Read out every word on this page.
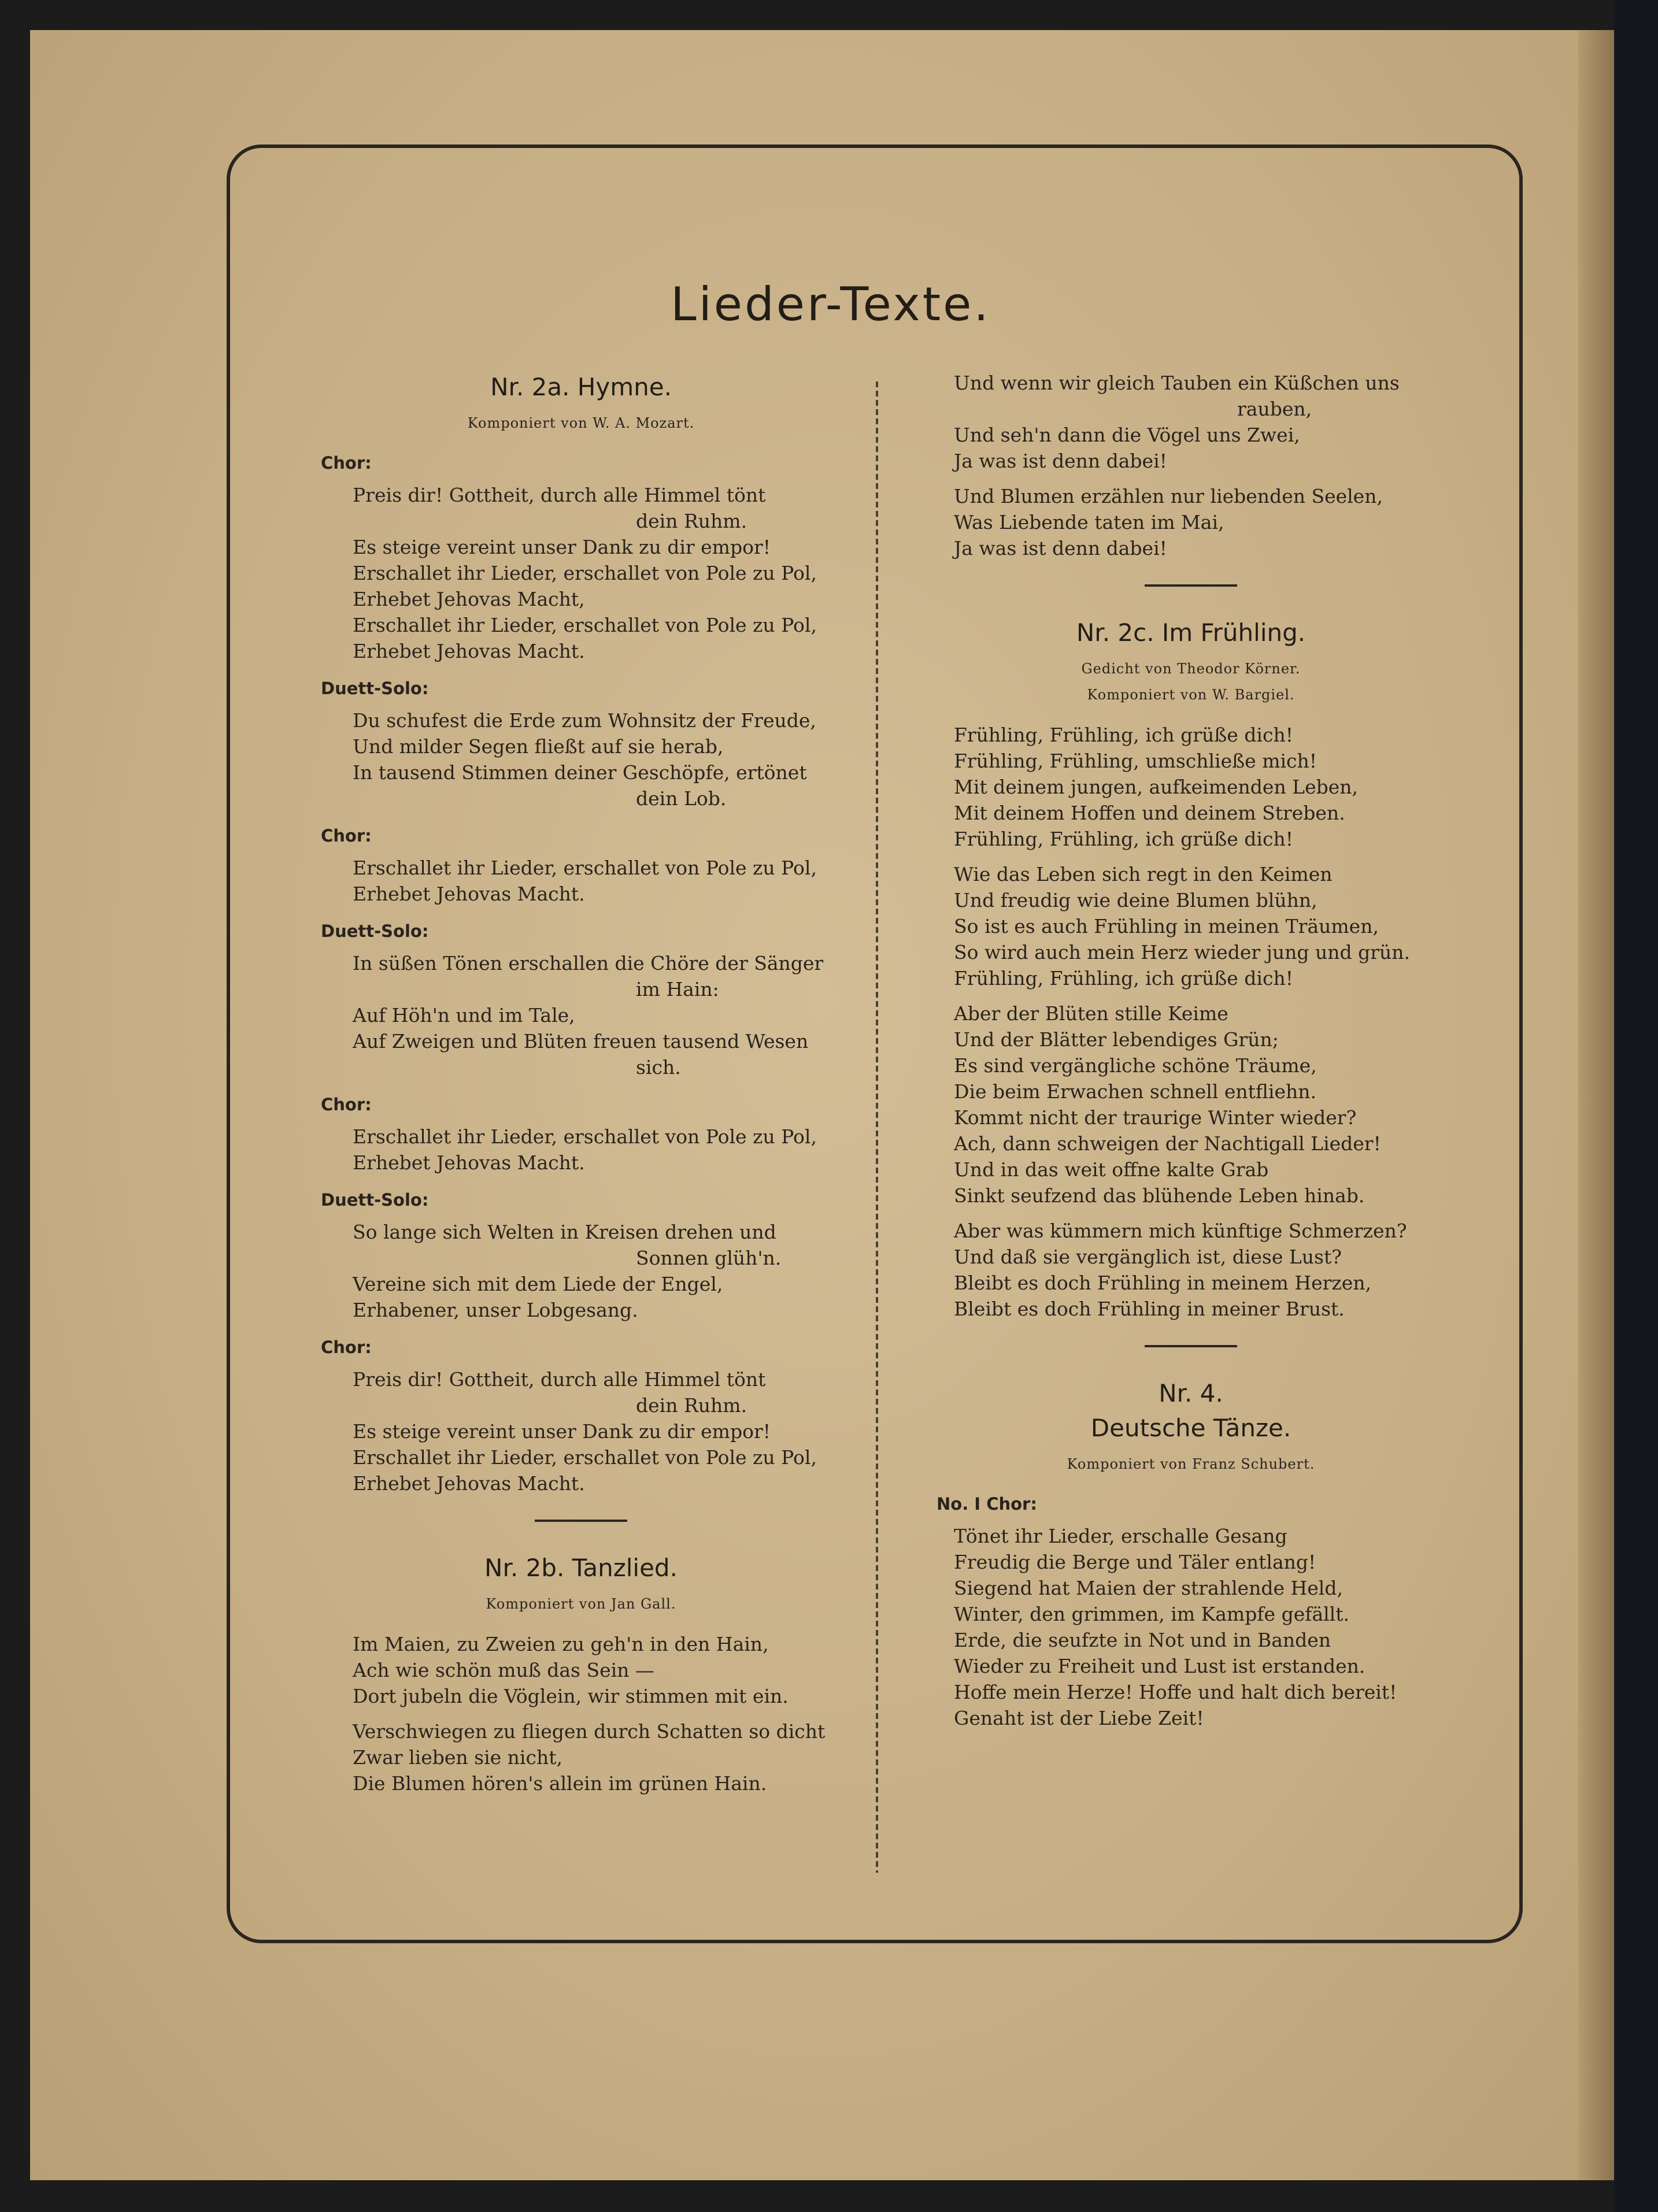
Lieder-Texte.
Nr. 2a. Hymne.
Komponiert von W. A. Mozart.
Chor:
Preis dir! Gottheit, durch alle Himmel tönt
dein Ruhm.
Es steige vereint unser Dank zu dir empor!
Erschallet ihr Lieder, erschallet von Pole zu Pol,
Erhebet Jehovas Macht,
Erschallet ihr Lieder, erschallet von Pole zu Pol,
Erhebet Jehovas Macht.
Duett-Solo:
Du schufest die Erde zum Wohnsitz der Freude,
Und milder Segen fließt auf sie herab,
In tausend Stimmen deiner Geschöpfe, ertönet
dein Lob.
Chor:
Erschallet ihr Lieder, erschallet von Pole zu Pol,
Erhebet Jehovas Macht.
Duett-Solo:
In süßen Tönen erschallen die Chöre der Sänger
im Hain:
Auf Höh'n und im Tale,
Auf Zweigen und Blüten freuen tausend Wesen
sich.
Chor:
Erschallet ihr Lieder, erschallet von Pole zu Pol,
Erhebet Jehovas Macht.
Duett-Solo:
So lange sich Welten in Kreisen drehen und
Sonnen glüh'n.
Vereine sich mit dem Liede der Engel,
Erhabener, unser Lobgesang.
Chor:
Preis dir! Gottheit, durch alle Himmel tönt
dein Ruhm.
Es steige vereint unser Dank zu dir empor!
Erschallet ihr Lieder, erschallet von Pole zu Pol,
Erhebet Jehovas Macht.
Nr. 2b. Tanzlied.
Komponiert von Jan Gall.
Im Maien, zu Zweien zu geh'n in den Hain,
Ach wie schön muß das Sein —
Dort jubeln die Vöglein, wir stimmen mit ein.
Verschwiegen zu fliegen durch Schatten so dicht
Zwar lieben sie nicht,
Die Blumen hören's allein im grünen Hain.
Und wenn wir gleich Tauben ein Küßchen uns
rauben,
Und seh'n dann die Vögel uns Zwei,
Ja was ist denn dabei!
Und Blumen erzählen nur liebenden Seelen,
Was Liebende taten im Mai,
Ja was ist denn dabei!
Nr. 2c. Im Frühling.
Gedicht von Theodor Körner.
Komponiert von W. Bargiel.
Frühling, Frühling, ich grüße dich!
Frühling, Frühling, umschließe mich!
Mit deinem jungen, aufkeimenden Leben,
Mit deinem Hoffen und deinem Streben.
Frühling, Frühling, ich grüße dich!
Wie das Leben sich regt in den Keimen
Und freudig wie deine Blumen blühn,
So ist es auch Frühling in meinen Träumen,
So wird auch mein Herz wieder jung und grün.
Frühling, Frühling, ich grüße dich!
Aber der Blüten stille Keime
Und der Blätter lebendiges Grün;
Es sind vergängliche schöne Träume,
Die beim Erwachen schnell entfliehn.
Kommt nicht der traurige Winter wieder?
Ach, dann schweigen der Nachtigall Lieder!
Und in das weit offne kalte Grab
Sinkt seufzend das blühende Leben hinab.
Aber was kümmern mich künftige Schmerzen?
Und daß sie vergänglich ist, diese Lust?
Bleibt es doch Frühling in meinem Herzen,
Bleibt es doch Frühling in meiner Brust.
Nr. 4.
Deutsche Tänze.
Komponiert von Franz Schubert.
No. I Chor:
Tönet ihr Lieder, erschalle Gesang
Freudig die Berge und Täler entlang!
Siegend hat Maien der strahlende Held,
Winter, den grimmen, im Kampfe gefällt.
Erde, die seufzte in Not und in Banden
Wieder zu Freiheit und Lust ist erstanden.
Hoffe mein Herze! Hoffe und halt dich bereit!
Genaht ist der Liebe Zeit!
